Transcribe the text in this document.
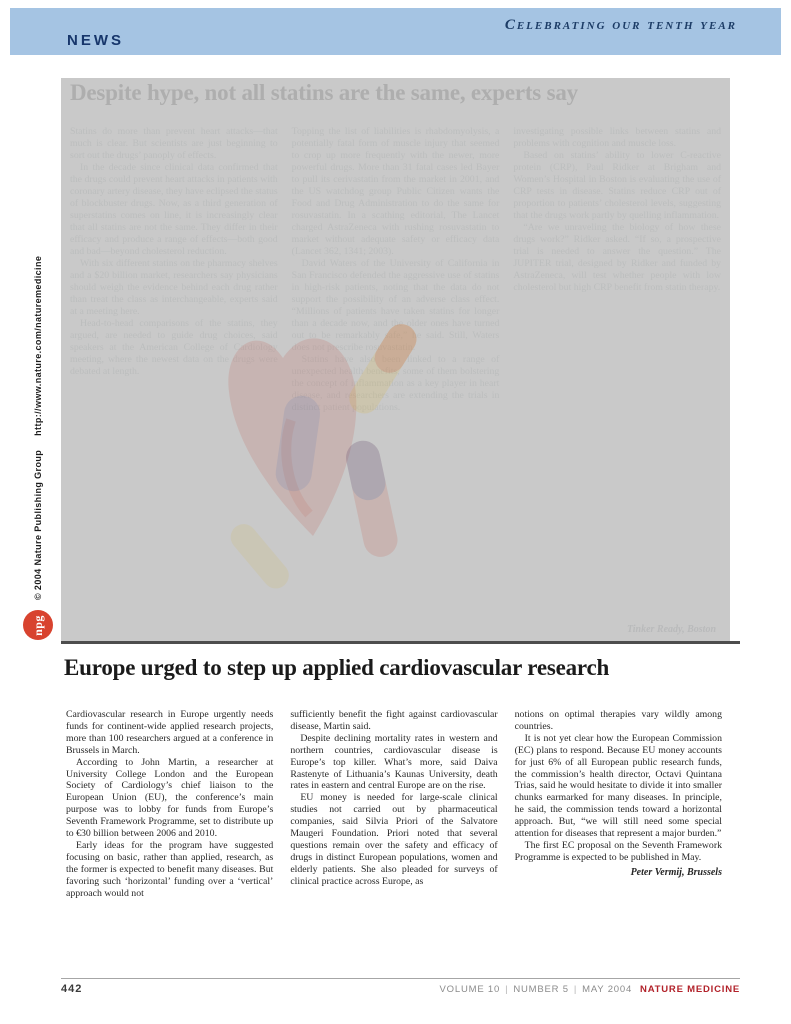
NEWS
Celebrating our tenth year
© 2004 Nature Publishing Grouphttp://www.nature.com/naturemedicine
npg
Despite hype, not all statins are the same, experts say

Statins do more than prevent heart attacks—that much is clear. But scientists are just beginning to sort out the drugs’ panoply of effects.

In the decade since clinical data confirmed that the drugs could prevent heart attacks in patients with coronary artery disease, they have eclipsed the status of blockbuster drugs. Now, as a third generation of superstatins comes on line, it is increasingly clear that all statins are not the same. They differ in their efficacy and produce a range of effects—both good and bad—beyond cholesterol reduction.

With six different statins on the pharmacy shelves and a $20 billion market, researchers say physicians should weigh the evidence behind each drug rather than treat the class as interchangeable, experts said at a meeting here.

Head-to-head comparisons of the statins, they argued, are needed to guide drug choices, said speakers at the American College of Cardiology meeting, where the newest data on the drugs were debated at length.

Topping the list of liabilities is rhabdomyolysis, a potentially fatal form of muscle injury that seemed to crop up more frequently with the newer, more powerful drugs. More than 31 fatal cases led Bayer to pull its cerivastatin from the market in 2001, and the US watchdog group Public Citizen wants the Food and Drug Administration to do the same for rosuvastatin. In a scathing editorial, The Lancet charged AstraZeneca with rushing rosuvastatin to market without adequate safety or efficacy data (Lancet 362, 1341; 2003).

David Waters of the University of California in San Francisco defended the aggressive use of statins in high-risk patients, noting that the data do not support the possibility of an adverse class effect. “Millions of patients have taken statins for longer than a decade now, and the older ones have turned out to be remarkably safe,” he said. Still, Waters does not prescribe rosuvastatin.

Statins have also been linked to a range of unexpected health benefits, some of them bolstering the concept of inflammation as a key player in heart disease, and researchers are extending the trials in distinct patient populations.

investigating possible links between statins and problems with cognition and muscle loss.

Based on statins’ ability to lower C-reactive protein (CRP), Paul Ridker at Brigham and Women’s Hospital in Boston is evaluating the use of CRP tests in disease. Statins reduce CRP out of proportion to patients’ cholesterol levels, suggesting that the drugs work partly by quelling inflammation.

“Are we unraveling the biology of how these drugs work?” Ridker asked. “If so, a prospective trial is needed to answer the question.” The JUPITER trial, designed by Ridker and funded by AstraZeneca, will test whether people with low cholesterol but high CRP benefit from statin therapy.

Tinker Ready, Boston
Europe urged to step up applied cardiovascular research

Cardiovascular research in Europe urgently needs funds for continent-wide applied research projects, more than 100 researchers argued at a conference in Brussels in March.

According to John Martin, a researcher at University College London and the European Society of Cardiology’s chief liaison to the European Union (EU), the conference’s main purpose was to lobby for funds from Europe’s Seventh Framework Programme, set to distribute up to €30 billion between 2006 and 2010.

Early ideas for the program have suggested focusing on basic, rather than applied, research, as the former is expected to benefit many diseases. But favoring such ‘horizontal’ funding over a ‘vertical’ approach would not

sufficiently benefit the fight against cardiovascular disease, Martin said.

Despite declining mortality rates in western and northern countries, cardiovascular disease is Europe’s top killer. What’s more, said Daiva Rastenyte of Lithuania’s Kaunas University, death rates in eastern and central Europe are on the rise.

EU money is needed for large-scale clinical studies not carried out by pharmaceutical companies, said Silvia Priori of the Salvatore Maugeri Foundation. Priori noted that several questions remain over the safety and efficacy of drugs in distinct European populations, women and elderly patients. She also pleaded for surveys of clinical practice across Europe, as

notions on optimal therapies vary wildly among countries.

It is not yet clear how the European Commission (EC) plans to respond. Because EU money accounts for just 6% of all European public research funds, the commission’s health director, Octavi Quintana Trias, said he would hesitate to divide it into smaller chunks earmarked for many diseases. In principle, he said, the commission tends toward a horizontal approach. But, “we will still need some special attention for diseases that represent a major burden.”

The first EC proposal on the Seventh Framework Programme is expected to be published in May.

Peter Vermij, Brussels
442	VOLUME 10 | NUMBER 5 | MAY 2004 NATURE MEDICINE
